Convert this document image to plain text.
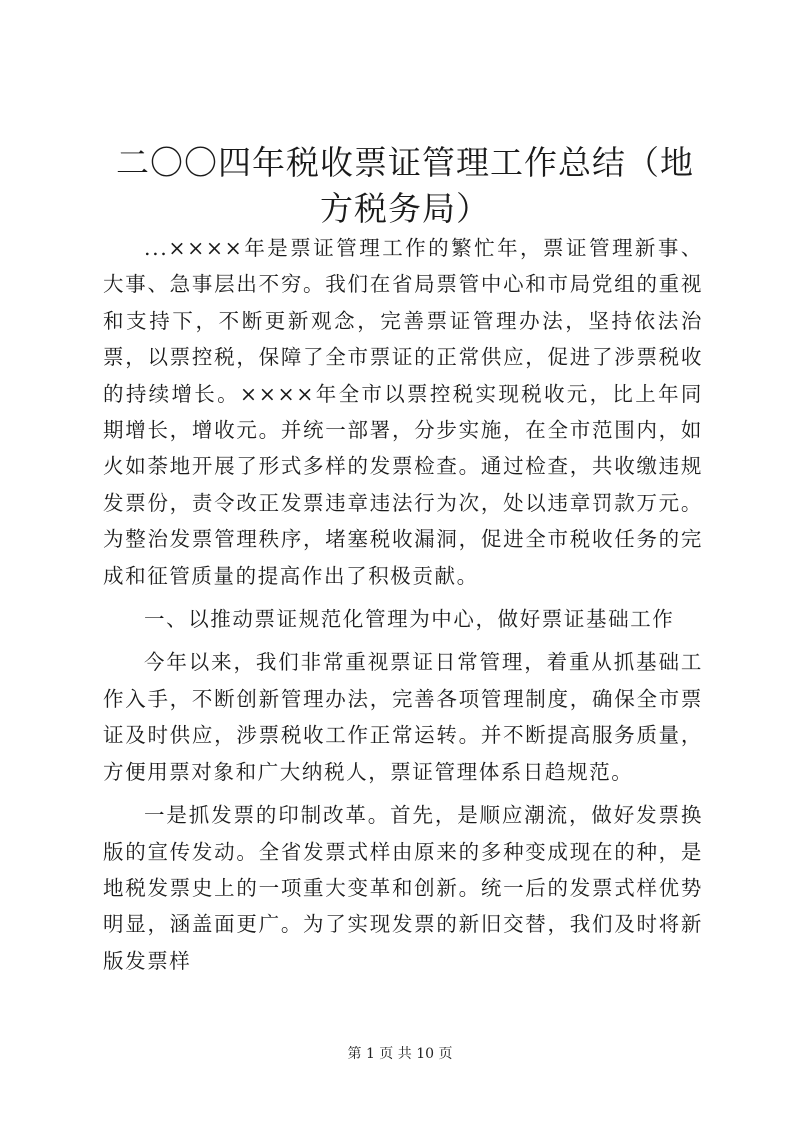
二〇〇四年税收票证管理工作总结（地方税务局）

...××××年是票证管理工作的繁忙年，票证管理新事、大事、急事层出不穷。我们在省局票管中心和市局党组的重视和支持下，不断更新观念，完善票证管理办法，坚持依法治票，以票控税，保障了全市票证的正常供应，促进了涉票税收的持续增长。××××年全市以票控税实现税收元，比上年同期增长，增收元。并统一部署，分步实施，在全市范围内，如火如荼地开展了形式多样的发票检查。通过检查，共收缴违规发票份，责令改正发票违章违法行为次，处以违章罚款万元。为整治发票管理秩序，堵塞税收漏洞，促进全市税收任务的完成和征管质量的提高作出了积极贡献。

一、以推动票证规范化管理为中心，做好票证基础工作

今年以来，我们非常重视票证日常管理，着重从抓基础工作入手，不断创新管理办法，完善各项管理制度，确保全市票证及时供应，涉票税收工作正常运转。并不断提高服务质量，方便用票对象和广大纳税人，票证管理体系日趋规范。

一是抓发票的印制改革。首先，是顺应潮流，做好发票换版的宣传发动。全省发票式样由原来的多种变成现在的种，是地税发票史上的一项重大变革和创新。统一后的发票式样优势明显，涵盖面更广。为了实现发票的新旧交替，我们及时将新版发票样

第 1 页 共 10 页
